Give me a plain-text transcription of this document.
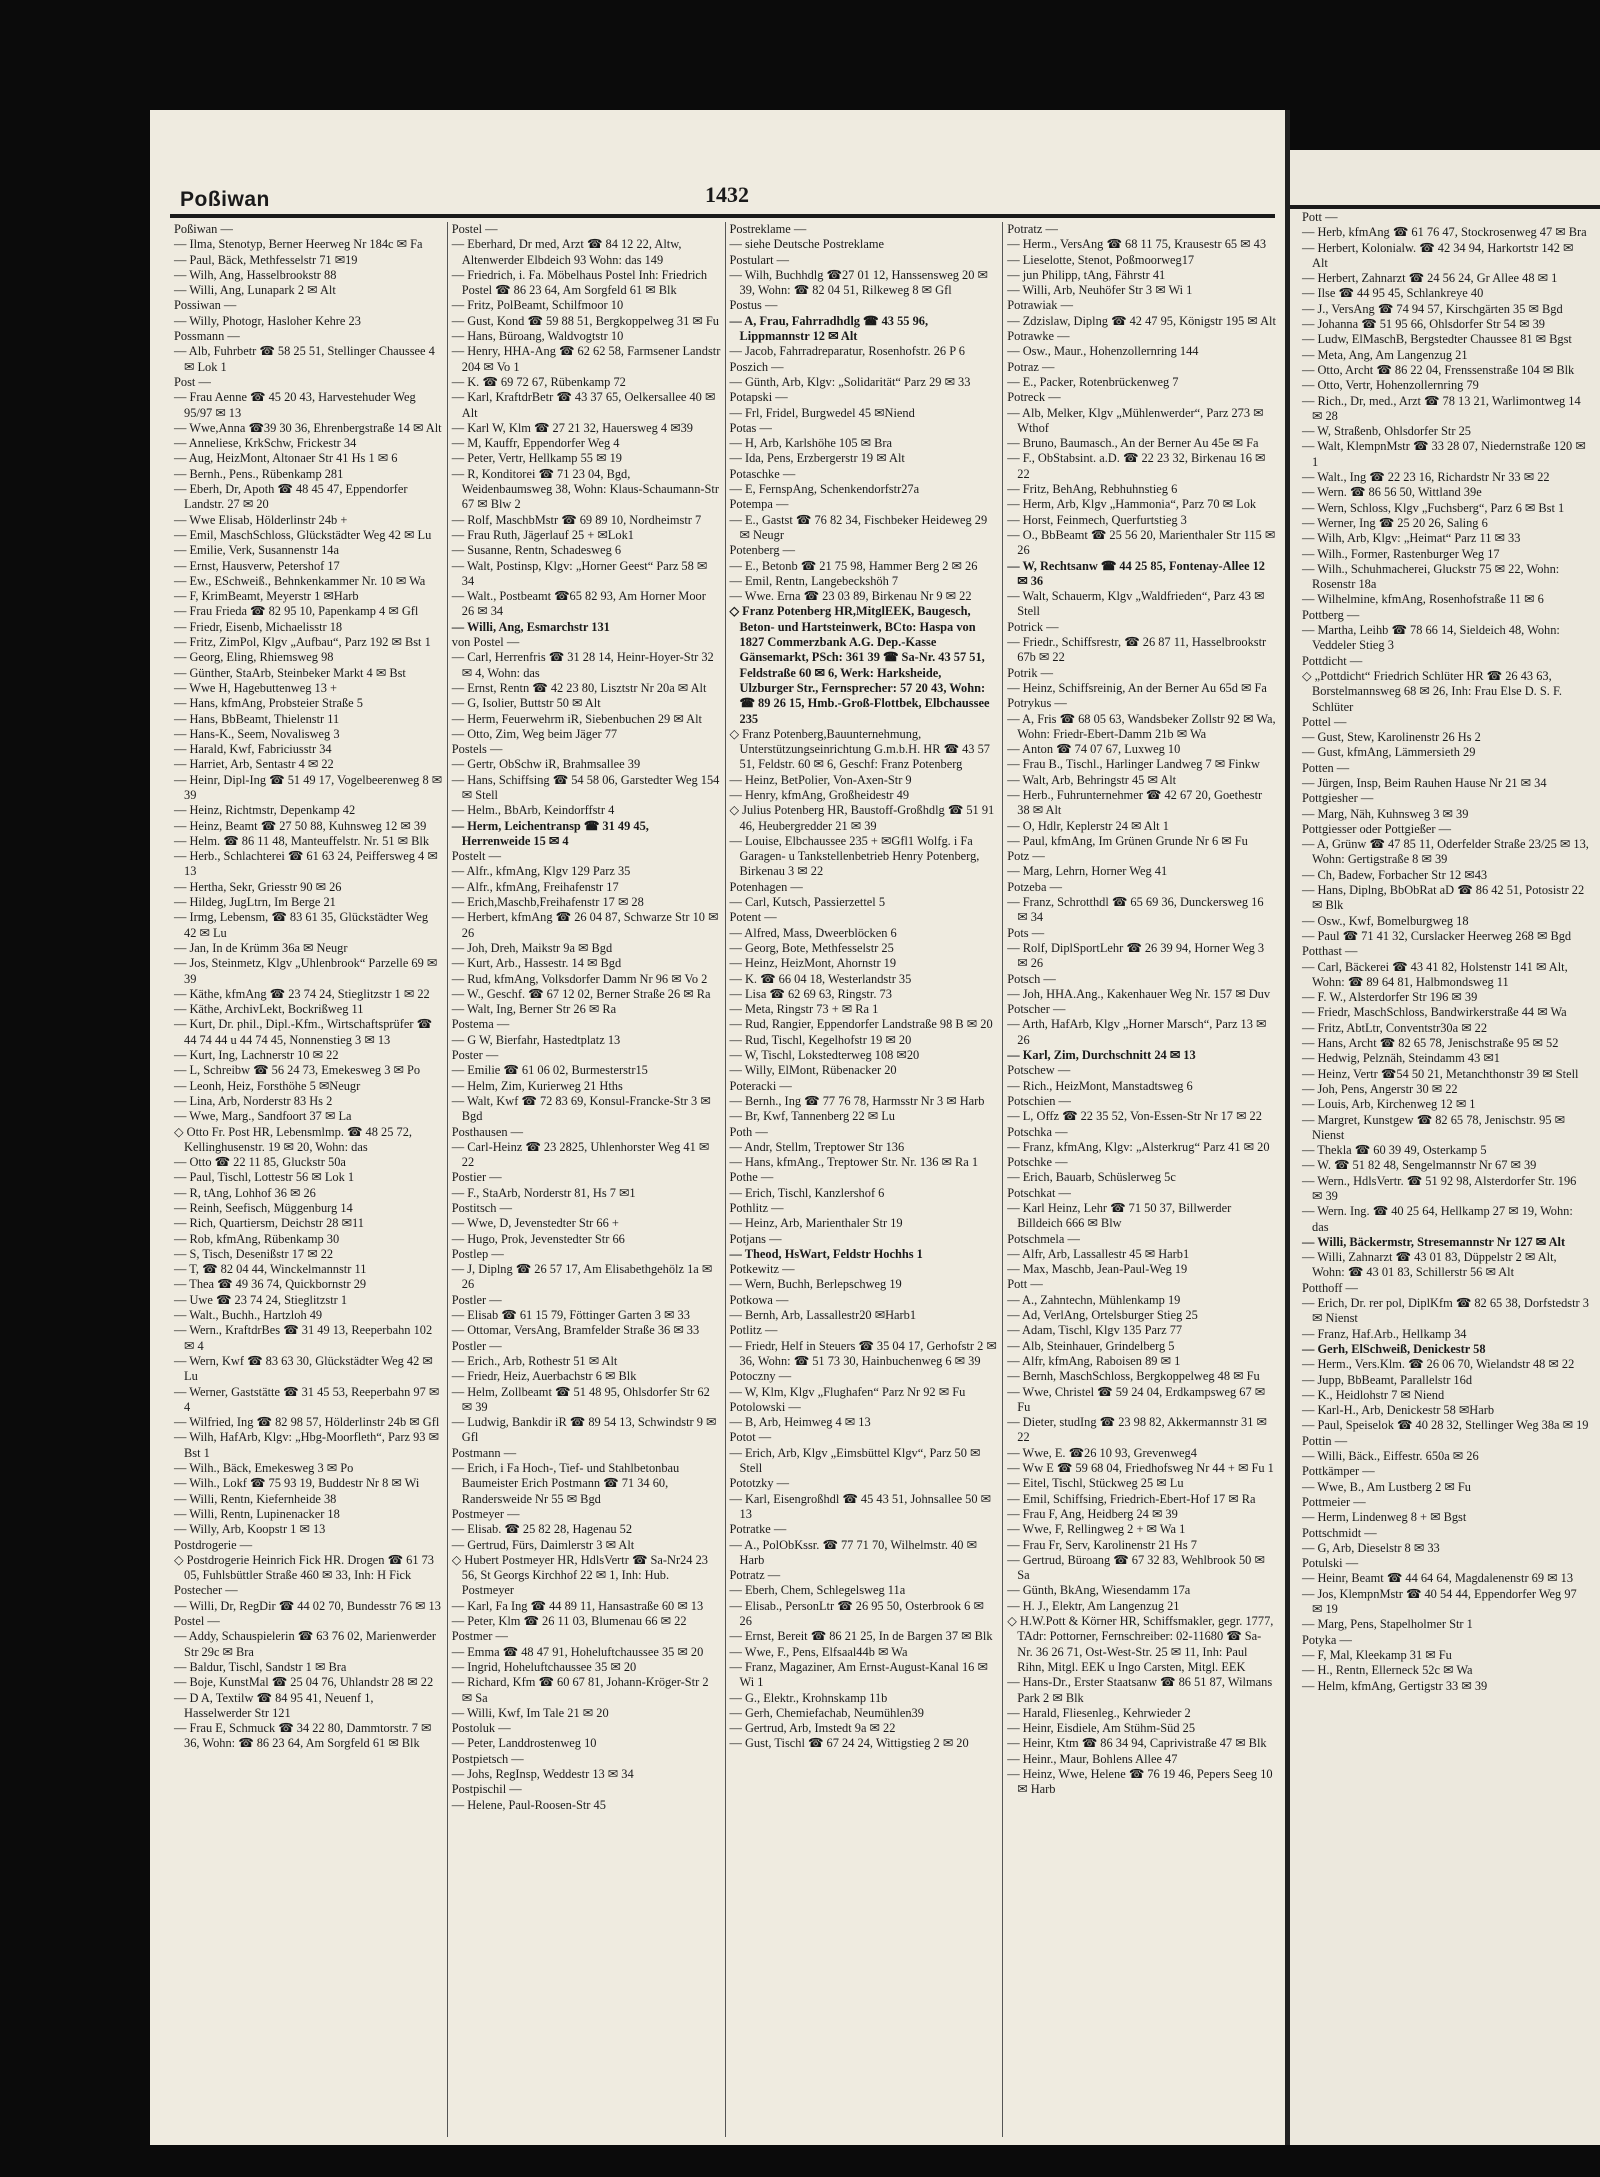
Poßiwan	1432

Poßiwan —

— Ilma, Stenotyp, Berner Heerweg Nr 184c ✉ Fa

— Paul, Bäck, Methfesselstr 71 ✉19

— Wilh, Ang, Hasselbrookstr 88

— Willi, Ang, Lunapark 2 ✉ Alt

Possiwan —

— Willy, Photogr, Hasloher Kehre 23

Possmann —

— Alb, Fuhrbetr ☎ 58 25 51, Stellinger Chaussee 4 ✉ Lok 1

Post —

— Frau Aenne ☎ 45 20 43, Harvestehuder Weg 95/97 ✉ 13

— Wwe,Anna ☎39 30 36, Ehrenbergstraße 14 ✉ Alt

— Anneliese, KrkSchw, Frickestr 34

— Aug, HeizMont, Altonaer Str 41 Hs 1 ✉ 6

— Bernh., Pens., Rübenkamp 281

— Eberh, Dr, Apoth ☎ 48 45 47, Eppendorfer Landstr. 27 ✉ 20

— Wwe Elisab, Hölderlinstr 24b +

— Emil, MaschSchloss, Glückstädter Weg 42 ✉ Lu

— Emilie, Verk, Susannenstr 14a

— Ernst, Hausverw, Petershof 17

— Ew., ESchweiß., Behnkenkammer Nr. 10 ✉ Wa

— F, KrimBeamt, Meyerstr 1 ✉Harb

— Frau Frieda ☎ 82 95 10, Papenkamp 4 ✉ Gfl

— Friedr, Eisenb, Michaelisstr 18

— Fritz, ZimPol, Klgv „Aufbau“, Parz 192 ✉ Bst 1

— Georg, Eling, Rhiemsweg 98

— Günther, StaArb, Steinbeker Markt 4 ✉ Bst

— Wwe H, Hagebuttenweg 13 +

— Hans, kfmAng, Probsteier Straße 5

— Hans, BbBeamt, Thielenstr 11

— Hans-K., Seem, Novalisweg 3

— Harald, Kwf, Fabriciusstr 34

— Harriet, Arb, Sentastr 4 ✉ 22

— Heinr, Dipl-Ing ☎ 51 49 17, Vogelbeerenweg 8 ✉ 39

— Heinz, Richtmstr, Depenkamp 42

— Heinz, Beamt ☎ 27 50 88, Kuhnsweg 12 ✉ 39

— Helm. ☎ 86 11 48, Manteuffelstr. Nr. 51 ✉ Blk

— Herb., Schlachterei ☎ 61 63 24, Peiffersweg 4 ✉ 13

— Hertha, Sekr, Griesstr 90 ✉ 26

— Hildeg, JugLtrn, Im Berge 21

— Irmg, Lebensm, ☎ 83 61 35, Glückstädter Weg 42 ✉ Lu

— Jan, In de Krümm 36a ✉ Neugr

— Jos, Steinmetz, Klgv „Uhlenbrook“ Parzelle 69 ✉ 39

— Käthe, kfmAng ☎ 23 74 24, Stieglitzstr 1 ✉ 22

— Käthe, ArchivLekt, Bockrißweg 11

— Kurt, Dr. phil., Dipl.-Kfm., Wirtschaftsprüfer ☎ 44 74 44 u 44 74 45, Nonnenstieg 3 ✉ 13

— Kurt, Ing, Lachnerstr 10 ✉ 22

— L, Schreibw ☎ 56 24 73, Emekesweg 3 ✉ Po

— Leonh, Heiz, Forsthöhe 5 ✉Neugr

— Lina, Arb, Norderstr 83 Hs 2

— Wwe, Marg., Sandfoort 37 ✉ La

◇ Otto Fr. Post HR, Lebensmlmp. ☎ 48 25 72, Kellinghusenstr. 19 ✉ 20, Wohn: das

— Otto ☎ 22 11 85, Gluckstr 50a

— Paul, Tischl, Lottestr 56 ✉ Lok 1

— R, tAng, Lohhof 36 ✉ 26

— Reinh, Seefisch, Müggenburg 14

— Rich, Quartiersm, Deichstr 28 ✉11

— Rob, kfmAng, Rübenkamp 30

— S, Tisch, Desenißstr 17 ✉ 22

— T, ☎ 82 04 44, Winckelmannstr 11

— Thea ☎ 49 36 74, Quickbornstr 29

— Uwe ☎ 23 74 24, Stieglitzstr 1

— Walt., Buchh., Hartzloh 49

— Wern., KraftdrBes ☎ 31 49 13, Reeperbahn 102 ✉ 4

— Wern, Kwf ☎ 83 63 30, Glückstädter Weg 42 ✉ Lu

— Werner, Gaststätte ☎ 31 45 53, Reeperbahn 97 ✉ 4

— Wilfried, Ing ☎ 82 98 57, Hölderlinstr 24b ✉ Gfl

— Wilh, HafArb, Klgv: „Hbg-Moorfleth“, Parz 93 ✉ Bst 1

— Wilh., Bäck, Emekesweg 3 ✉ Po

— Wilh., Lokf ☎ 75 93 19, Buddestr Nr 8 ✉ Wi

— Willi, Rentn, Kiefernheide 38

— Willi, Rentn, Lupinenacker 18

— Willy, Arb, Koopstr 1 ✉ 13

Postdrogerie —

◇ Postdrogerie Heinrich Fick HR. Drogen ☎ 61 73 05, Fuhlsbüttler Straße 460 ✉ 33, Inh: H Fick

Postecher —

— Willi, Dr, RegDir ☎ 44 02 70, Bundesstr 76 ✉ 13

Postel —

— Addy, Schauspielerin ☎ 63 76 02, Marienwerder Str 29c ✉ Bra

— Baldur, Tischl, Sandstr 1 ✉ Bra

— Boje, KunstMal ☎ 25 04 76, Uhlandstr 28 ✉ 22

— D A, Textilw ☎ 84 95 41, Neuenf 1, Hasselwerder Str 121

— Frau E, Schmuck ☎ 34 22 80, Dammtorstr. 7 ✉ 36, Wohn: ☎ 86 23 64, Am Sorgfeld 61 ✉ Blk

Postel —

— Eberhard, Dr med, Arzt ☎ 84 12 22, Altw, Altenwerder Elbdeich 93 Wohn: das 149

— Friedrich, i. Fa. Möbelhaus Postel Inh: Friedrich Postel ☎ 86 23 64, Am Sorgfeld 61 ✉ Blk

— Fritz, PolBeamt, Schilfmoor 10

— Gust, Kond ☎ 59 88 51, Bergkoppelweg 31 ✉ Fu

— Hans, Büroang, Waldvogtstr 10

— Henry, HHA-Ang ☎ 62 62 58, Farmsener Landstr 204 ✉ Vo 1

— K. ☎ 69 72 67, Rübenkamp 72

— Karl, KraftdrBetr ☎ 43 37 65, Oelkersallee 40 ✉ Alt

— Karl W, Klm ☎ 27 21 32, Hauersweg 4 ✉39

— M, Kauffr, Eppendorfer Weg 4

— Peter, Vertr, Hellkamp 55 ✉ 19

— R, Konditorei ☎ 71 23 04, Bgd, Weidenbaumsweg 38, Wohn: Klaus-Schaumann-Str 67 ✉ Blw 2

— Rolf, MaschbMstr ☎ 69 89 10, Nordheimstr 7

— Frau Ruth, Jägerlauf 25 + ✉Lok1

— Susanne, Rentn, Schadesweg 6

— Walt, Postinsp, Klgv: „Horner Geest“ Parz 58 ✉ 34

— Walt., Postbeamt ☎65 82 93, Am Horner Moor 26 ✉ 34

— Willi, Ang, Esmarchstr 131

von Postel —

— Carl, Herrenfris ☎ 31 28 14, Heinr-Hoyer-Str 32 ✉ 4, Wohn: das

— Ernst, Rentn ☎ 42 23 80, Lisztstr Nr 20a ✉ Alt

— G, Isolier, Buttstr 50 ✉ Alt

— Herm, Feuerwehrm iR, Siebenbuchen 29 ✉ Alt

— Otto, Zim, Weg beim Jäger 77

Postels —

— Gertr, ObSchw iR, Brahmsallee 39

— Hans, Schiffsing ☎ 54 58 06, Garstedter Weg 154 ✉ Stell

— Helm., BbArb, Keindorffstr 4

— Herm, Leichentransp ☎ 31 49 45, Herrenweide 15 ✉ 4

Postelt —

— Alfr., kfmAng, Klgv 129 Parz 35

— Alfr., kfmAng, Freihafenstr 17

— Erich,Maschb,Freihafenstr 17 ✉ 28

— Herbert, kfmAng ☎ 26 04 87, Schwarze Str 10 ✉ 26

— Joh, Dreh, Maikstr 9a ✉ Bgd

— Kurt, Arb., Hassestr. 14 ✉ Bgd

— Rud, kfmAng, Volksdorfer Damm Nr 96 ✉ Vo 2

— W., Geschf. ☎ 67 12 02, Berner Straße 26 ✉ Ra

— Walt, Ing, Berner Str 26 ✉ Ra

Postema —

— G W, Bierfahr, Hastedtplatz 13

Poster —

— Emilie ☎ 61 06 02, Burmesterstr15

— Helm, Zim, Kurierweg 21 Hths

— Walt, Kwf ☎ 72 83 69, Konsul-Francke-Str 3 ✉ Bgd

Posthausen —

— Carl-Heinz ☎ 23 2825, Uhlenhorster Weg 41 ✉ 22

Postier —

— F., StaArb, Norderstr 81, Hs 7 ✉1

Postitsch —

— Wwe, D, Jevenstedter Str 66 +

— Hugo, Prok, Jevenstedter Str 66

Postlep —

— J, Diplng ☎ 26 57 17, Am Elisabethgehölz 1a ✉ 26

Postler —

— Elisab ☎ 61 15 79, Föttinger Garten 3 ✉ 33

— Ottomar, VersAng, Bramfelder Straße 36 ✉ 33

Postler —

— Erich., Arb, Rothestr 51 ✉ Alt

— Friedr, Heiz, Auerbachstr 6 ✉ Blk

— Helm, Zollbeamt ☎ 51 48 95, Ohlsdorfer Str 62 ✉ 39

— Ludwig, Bankdir iR ☎ 89 54 13, Schwindstr 9 ✉ Gfl

Postmann —

— Erich, i Fa Hoch-, Tief- und Stahlbetonbau Baumeister Erich Postmann ☎ 71 34 60, Randersweide Nr 55 ✉ Bgd

Postmeyer —

— Elisab. ☎ 25 82 28, Hagenau 52

— Gertrud, Fürs, Daimlerstr 3 ✉ Alt

◇ Hubert Postmeyer HR, HdlsVertr ☎ Sa-Nr24 23 56, St Georgs Kirchhof 22 ✉ 1, Inh: Hub. Postmeyer

— Karl, Fa Ing ☎ 44 89 11, Hansastraße 60 ✉ 13

— Peter, Klm ☎ 26 11 03, Blumenau 66 ✉ 22

Postmer —

— Emma ☎ 48 47 91, Hoheluftchaussee 35 ✉ 20

— Ingrid, Hoheluftchaussee 35 ✉ 20

— Richard, Kfm ☎ 60 67 81, Johann-Kröger-Str 2 ✉ Sa

— Willi, Kwf, Im Tale 21 ✉ 20

Postoluk —

— Peter, Landdrostenweg 10

Postpietsch —

— Johs, RegInsp, Weddestr 13 ✉ 34

Postpischil —

— Helene, Paul-Roosen-Str 45

Postreklame —

— siehe Deutsche Postreklame

Postulart —

— Wilh, Buchhdlg ☎27 01 12, Hanssensweg 20 ✉ 39, Wohn: ☎ 82 04 51, Rilkeweg 8 ✉ Gfl

Postus —

— A, Frau, Fahrradhdlg ☎ 43 55 96, Lippmannstr 12 ✉ Alt

— Jacob, Fahrradreparatur, Rosenhofstr. 26 P 6

Poszich —

— Günth, Arb, Klgv: „Solidarität“ Parz 29 ✉ 33

Potapski —

— Frl, Fridel, Burgwedel 45 ✉Niend

Potas —

— H, Arb, Karlshöhe 105 ✉ Bra

— Ida, Pens, Erzbergerstr 19 ✉ Alt

Potaschke —

— E, FernspAng, Schenkendorfstr27a

Potempa —

— E., Gastst ☎ 76 82 34, Fischbeker Heideweg 29 ✉ Neugr

Potenberg —

— E., Betonb ☎ 21 75 98, Hammer Berg 2 ✉ 26

— Emil, Rentn, Langebeckshöh 7

— Wwe. Erna ☎ 23 03 89, Birkenau Nr 9 ✉ 22

◇ Franz Potenberg HR,MitglEEK, Baugesch, Beton- und Hartsteinwerk, BCto: Haspa von 1827 Commerzbank A.G. Dep.-Kasse Gänsemarkt, PSch: 361 39 ☎ Sa-Nr. 43 57 51, Feldstraße 60 ✉ 6, Werk: Harksheide, Ulzburger Str., Fernsprecher: 57 20 43, Wohn: ☎ 89 26 15, Hmb.-Groß-Flottbek, Elbchaussee 235

◇ Franz Potenberg,Bauunternehmung, Unterstützungseinrichtung G.m.b.H. HR ☎ 43 57 51, Feldstr. 60 ✉ 6, Geschf: Franz Potenberg

— Heinz, BetPolier, Von-Axen-Str 9

— Henry, kfmAng, Großheidestr 49

◇ Julius Potenberg HR, Baustoff-Großhdlg ☎ 51 91 46, Heubergredder 21 ✉ 39

— Louise, Elbchaussee 235 + ✉Gfl1 Wolfg. i Fa Garagen- u Tankstellenbetrieb Henry Potenberg, Birkenau 3 ✉ 22

Potenhagen —

— Carl, Kutsch, Passierzettel 5

Potent —

— Alfred, Mass, Dweerblöcken 6

— Georg, Bote, Methfesselstr 25

— Heinz, HeizMont, Ahornstr 19

— K. ☎ 66 04 18, Westerlandstr 35

— Lisa ☎ 62 69 63, Ringstr. 73

— Meta, Ringstr 73 + ✉ Ra 1

— Rud, Rangier, Eppendorfer Landstraße 98 B ✉ 20

— Rud, Tischl, Kegelhofstr 19 ✉ 20

— W, Tischl, Lokstedterweg 108 ✉20

— Willy, ElMont, Rübenacker 20

Poteracki —

— Bernh., Ing ☎ 77 76 78, Harmsstr Nr 3 ✉ Harb

— Br, Kwf, Tannenberg 22 ✉ Lu

Poth —

— Andr, Stellm, Treptower Str 136

— Hans, kfmAng., Treptower Str. Nr. 136 ✉ Ra 1

Pothe —

— Erich, Tischl, Kanzlershof 6

Pothlitz —

— Heinz, Arb, Marienthaler Str 19

Potjans —

— Theod, HsWart, Feldstr Hochhs 1

Potkewitz —

— Wern, Buchh, Berlepschweg 19

Potkowa —

— Bernh, Arb, Lassallestr20 ✉Harb1

Potlitz —

— Friedr, Helf in Steuers ☎ 35 04 17, Gerhofstr 2 ✉ 36, Wohn: ☎ 51 73 30, Hainbuchenweg 6 ✉ 39

Potoczny —

— W, Klm, Klgv „Flughafen“ Parz Nr 92 ✉ Fu

Potolowski —

— B, Arb, Heimweg 4 ✉ 13

Potot —

— Erich, Arb, Klgv „Eimsbüttel Klgv“, Parz 50 ✉ Stell

Pototzky —

— Karl, Eisengroßhdl ☎ 45 43 51, Johnsallee 50 ✉ 13

Potratke —

— A., PolObKssr. ☎ 77 71 70, Wilhelmstr. 40 ✉ Harb

Potratz —

— Eberh, Chem, Schlegelsweg 11a

— Elisab., PersonLtr ☎ 26 95 50, Osterbrook 6 ✉ 26

— Ernst, Bereit ☎ 86 21 25, In de Bargen 37 ✉ Blk

— Wwe, F., Pens, Elfsaal44b ✉ Wa

— Franz, Magaziner, Am Ernst-August-Kanal 16 ✉ Wi 1

— G., Elektr., Krohnskamp 11b

— Gerh, Chemiefachab, Neumühlen39

— Gertrud, Arb, Imstedt 9a ✉ 22

— Gust, Tischl ☎ 67 24 24, Wittigstieg 2 ✉ 20

Potratz —

— Herm., VersAng ☎ 68 11 75, Krausestr 65 ✉ 43

— Lieselotte, Stenot, Poßmoorweg17

— jun Philipp, tAng, Fährstr 41

— Willi, Arb, Neuhöfer Str 3 ✉ Wi 1

Potrawiak —

— Zdzislaw, Diplng ☎ 42 47 95, Königstr 195 ✉ Alt

Potrawke —

— Osw., Maur., Hohenzollernring 144

Potraz —

— E., Packer, Rotenbrückenweg 7

Potreck —

— Alb, Melker, Klgv „Mühlenwerder“, Parz 273 ✉ Wthof

— Bruno, Baumasch., An der Berner Au 45e ✉ Fa

— F., ObStabsint. a.D. ☎ 22 23 32, Birkenau 16 ✉ 22

— Fritz, BehAng, Rebhuhnstieg 6

— Herm, Arb, Klgv „Hammonia“, Parz 70 ✉ Lok

— Horst, Feinmech, Querfurtstieg 3

— O., BbBeamt ☎ 25 56 20, Marienthaler Str 115 ✉ 26

— W, Rechtsanw ☎ 44 25 85, Fontenay-Allee 12 ✉ 36

— Walt, Schauerm, Klgv „Waldfrieden“, Parz 43 ✉ Stell

Potrick —

— Friedr., Schiffsrestr, ☎ 26 87 11, Hasselbrookstr 67b ✉ 22

Potrik —

— Heinz, Schiffsreinig, An der Berner Au 65d ✉ Fa

Potrykus —

— A, Fris ☎ 68 05 63, Wandsbeker Zollstr 92 ✉ Wa, Wohn: Friedr-Ebert-Damm 21b ✉ Wa

— Anton ☎ 74 07 67, Luxweg 10

— Frau B., Tischl., Harlinger Landweg 7 ✉ Finkw

— Walt, Arb, Behringstr 45 ✉ Alt

— Herb., Fuhrunternehmer ☎ 42 67 20, Goethestr 38 ✉ Alt

— O, Hdlr, Keplerstr 24 ✉ Alt 1

— Paul, kfmAng, Im Grünen Grunde Nr 6 ✉ Fu

Potz —

— Marg, Lehrn, Horner Weg 41

Potzeba —

— Franz, Schrotthdl ☎ 65 69 36, Dunckersweg 16 ✉ 34

Pots —

— Rolf, DiplSportLehr ☎ 26 39 94, Horner Weg 3 ✉ 26

Potsch —

— Joh, HHA.Ang., Kakenhauer Weg Nr. 157 ✉ Duv

Potscher —

— Arth, HafArb, Klgv „Horner Marsch“, Parz 13 ✉ 26

— Karl, Zim, Durchschnitt 24 ✉ 13

Potschew —

— Rich., HeizMont, Manstadtsweg 6

Potschien —

— L, Offz ☎ 22 35 52, Von-Essen-Str Nr 17 ✉ 22

Potschka —

— Franz, kfmAng, Klgv: „Alsterkrug“ Parz 41 ✉ 20

Potschke —

— Erich, Bauarb, Schüslerweg 5c

Potschkat —

— Karl Heinz, Lehr ☎ 71 50 37, Billwerder Billdeich 666 ✉ Blw

Potschmela —

— Alfr, Arb, Lassallestr 45 ✉ Harb1

— Max, Maschb, Jean-Paul-Weg 19

Pott —

— A., Zahntechn, Mühlenkamp 19

— Ad, VerlAng, Ortelsburger Stieg 25

— Adam, Tischl, Klgv 135 Parz 77

— Alb, Steinhauer, Grindelberg 5

— Alfr, kfmAng, Raboisen 89 ✉ 1

— Bernh, MaschSchloss, Bergkoppelweg 48 ✉ Fu

— Wwe, Christel ☎ 59 24 04, Erdkampsweg 67 ✉ Fu

— Dieter, studIng ☎ 23 98 82, Akkermannstr 31 ✉ 22

— Wwe, E. ☎26 10 93, Grevenweg4

— Ww E ☎ 59 68 04, Friedhofsweg Nr 44 + ✉ Fu 1

— Eitel, Tischl, Stückweg 25 ✉ Lu

— Emil, Schiffsing, Friedrich-Ebert-Hof 17 ✉ Ra

— Frau F, Ang, Heidberg 24 ✉ 39

— Wwe, F, Rellingweg 2 + ✉ Wa 1

— Frau Fr, Serv, Karolinenstr 21 Hs 7

— Gertrud, Büroang ☎ 67 32 83, Wehlbrook 50 ✉ Sa

— Günth, BkAng, Wiesendamm 17a

— H. J., Elektr, Am Langenzug 21

◇ H.W.Pott & Körner HR, Schiffsmakler, gegr. 1777, TAdr: Pottorner, Fernschreiber: 02-11680 ☎ Sa-Nr. 36 26 71, Ost-West-Str. 25 ✉ 11, Inh: Paul Rihn, Mitgl. EEK u Ingo Carsten, Mitgl. EEK

— Hans-Dr., Erster Staatsanw ☎ 86 51 87, Wilmans Park 2 ✉ Blk

— Harald, Fliesenleg., Kehrwieder 2

— Heinr, Eisdiele, Am Stühm-Süd 25

— Heinr, Ktm ☎ 86 34 94, Caprivistraße 47 ✉ Blk

— Heinr., Maur, Bohlens Allee 47

— Heinz, Wwe, Helene ☎ 76 19 46, Pepers Seeg 10 ✉ Harb

Pott —

— Herb, kfmAng ☎ 61 76 47, Stockrosenweg 47 ✉ Bra

— Herbert, Kolonialw. ☎ 42 34 94, Harkortstr 142 ✉ Alt

— Herbert, Zahnarzt ☎ 24 56 24, Gr Allee 48 ✉ 1

— Ilse ☎ 44 95 45, Schlankreye 40

— J., VersAng ☎ 74 94 57, Kirschgärten 35 ✉ Bgd

— Johanna ☎ 51 95 66, Ohlsdorfer Str 54 ✉ 39

— Ludw, ElMaschB, Bergstedter Chaussee 81 ✉ Bgst

— Meta, Ang, Am Langenzug 21

— Otto, Archt ☎ 86 22 04, Frenssenstraße 104 ✉ Blk

— Otto, Vertr, Hohenzollernring 79

— Rich., Dr, med., Arzt ☎ 78 13 21, Warlimontweg 14 ✉ 28

— W, Straßenb, Ohlsdorfer Str 25

— Walt, KlempnMstr ☎ 33 28 07, Niedernstraße 120 ✉ 1

— Walt., Ing ☎ 22 23 16, Richardstr Nr 33 ✉ 22

— Wern. ☎ 86 56 50, Wittland 39e

— Wern, Schloss, Klgv „Fuchsberg“, Parz 6 ✉ Bst 1

— Werner, Ing ☎ 25 20 26, Saling 6

— Wilh, Arb, Klgv: „Heimat“ Parz 11 ✉ 33

— Wilh., Former, Rastenburger Weg 17

— Wilh., Schuhmacherei, Gluckstr 75 ✉ 22, Wohn: Rosenstr 18a

— Wilhelmine, kfmAng, Rosenhofstraße 11 ✉ 6

Pottberg —

— Martha, Leihb ☎ 78 66 14, Sieldeich 48, Wohn: Veddeler Stieg 3

Pottdicht —

◇ „Pottdicht“ Friedrich Schlüter HR ☎ 26 43 63, Borstelmannsweg 68 ✉ 26, Inh: Frau Else D. S. F. Schlüter

Pottel —

— Gust, Stew, Karolinenstr 26 Hs 2

— Gust, kfmAng, Lämmersieth 29

Potten —

— Jürgen, Insp, Beim Rauhen Hause Nr 21 ✉ 34

Pottgiesher —

— Marg, Näh, Kuhnsweg 3 ✉ 39

Pottgiesser oder Pottgießer —

— A, Grünw ☎ 47 85 11, Oderfelder Straße 23/25 ✉ 13, Wohn: Gertigstraße 8 ✉ 39

— Ch, Badew, Forbacher Str 12 ✉43

— Hans, Diplng, BbObRat aD ☎ 86 42 51, Potosistr 22 ✉ Blk

— Osw., Kwf, Bomelburgweg 18

— Paul ☎ 71 41 32, Curslacker Heerweg 268 ✉ Bgd

Potthast —

— Carl, Bäckerei ☎ 43 41 82, Holstenstr 141 ✉ Alt, Wohn: ☎ 89 64 81, Halbmondsweg 11

— F. W., Alsterdorfer Str 196 ✉ 39

— Friedr, MaschSchloss, Bandwirkerstraße 44 ✉ Wa

— Fritz, AbtLtr, Conventstr30a ✉ 22

— Hans, Archt ☎ 82 65 78, Jenischstraße 95 ✉ 52

— Hedwig, Pelznäh, Steindamm 43 ✉1

— Heinz, Vertr ☎54 50 21, Metanchthonstr 39 ✉ Stell

— Joh, Pens, Angerstr 30 ✉ 22

— Louis, Arb, Kirchenweg 12 ✉ 1

— Margret, Kunstgew ☎ 82 65 78, Jenischstr. 95 ✉ Nienst

— Thekla ☎ 60 39 49, Osterkamp 5

— W. ☎ 51 82 48, Sengelmannstr Nr 67 ✉ 39

— Wern., HdlsVertr. ☎ 51 92 98, Alsterdorfer Str. 196 ✉ 39

— Wern. Ing. ☎ 40 25 64, Hellkamp 27 ✉ 19, Wohn: das

— Willi, Bäckermstr, Stresemannstr Nr 127 ✉ Alt

— Willi, Zahnarzt ☎ 43 01 83, Düppelstr 2 ✉ Alt, Wohn: ☎ 43 01 83, Schillerstr 56 ✉ Alt

Potthoff —

— Erich, Dr. rer pol, DiplKfm ☎ 82 65 38, Dorfstedstr 3 ✉ Nienst

— Franz, Haf.Arb., Hellkamp 34

— Gerh, ElSchweiß, Denickestr 58

— Herm., Vers.Klm. ☎ 26 06 70, Wielandstr 48 ✉ 22

— Jupp, BbBeamt, Parallelstr 16d

— K., Heidlohstr 7 ✉ Niend

— Karl-H., Arb, Denickestr 58 ✉Harb

— Paul, Speiselok ☎ 40 28 32, Stellinger Weg 38a ✉ 19

Pottin —

— Willi, Bäck., Eiffestr. 650a ✉ 26

Pottkämper —

— Wwe, B., Am Lustberg 2 ✉ Fu

Pottmeier —

— Herm, Lindenweg 8 + ✉ Bgst

Pottschmidt —

— G, Arb, Dieselstr 8 ✉ 33

Potulski —

— Heinr, Beamt ☎ 44 64 64, Magdalenenstr 69 ✉ 13

— Jos, KlempnMstr ☎ 40 54 44, Eppendorfer Weg 97 ✉ 19

— Marg, Pens, Stapelholmer Str 1

Potyka —

— F, Mal, Kleekamp 31 ✉ Fu

— H., Rentn, Ellerneck 52c ✉ Wa

— Helm, kfmAng, Gertigstr 33 ✉ 39
